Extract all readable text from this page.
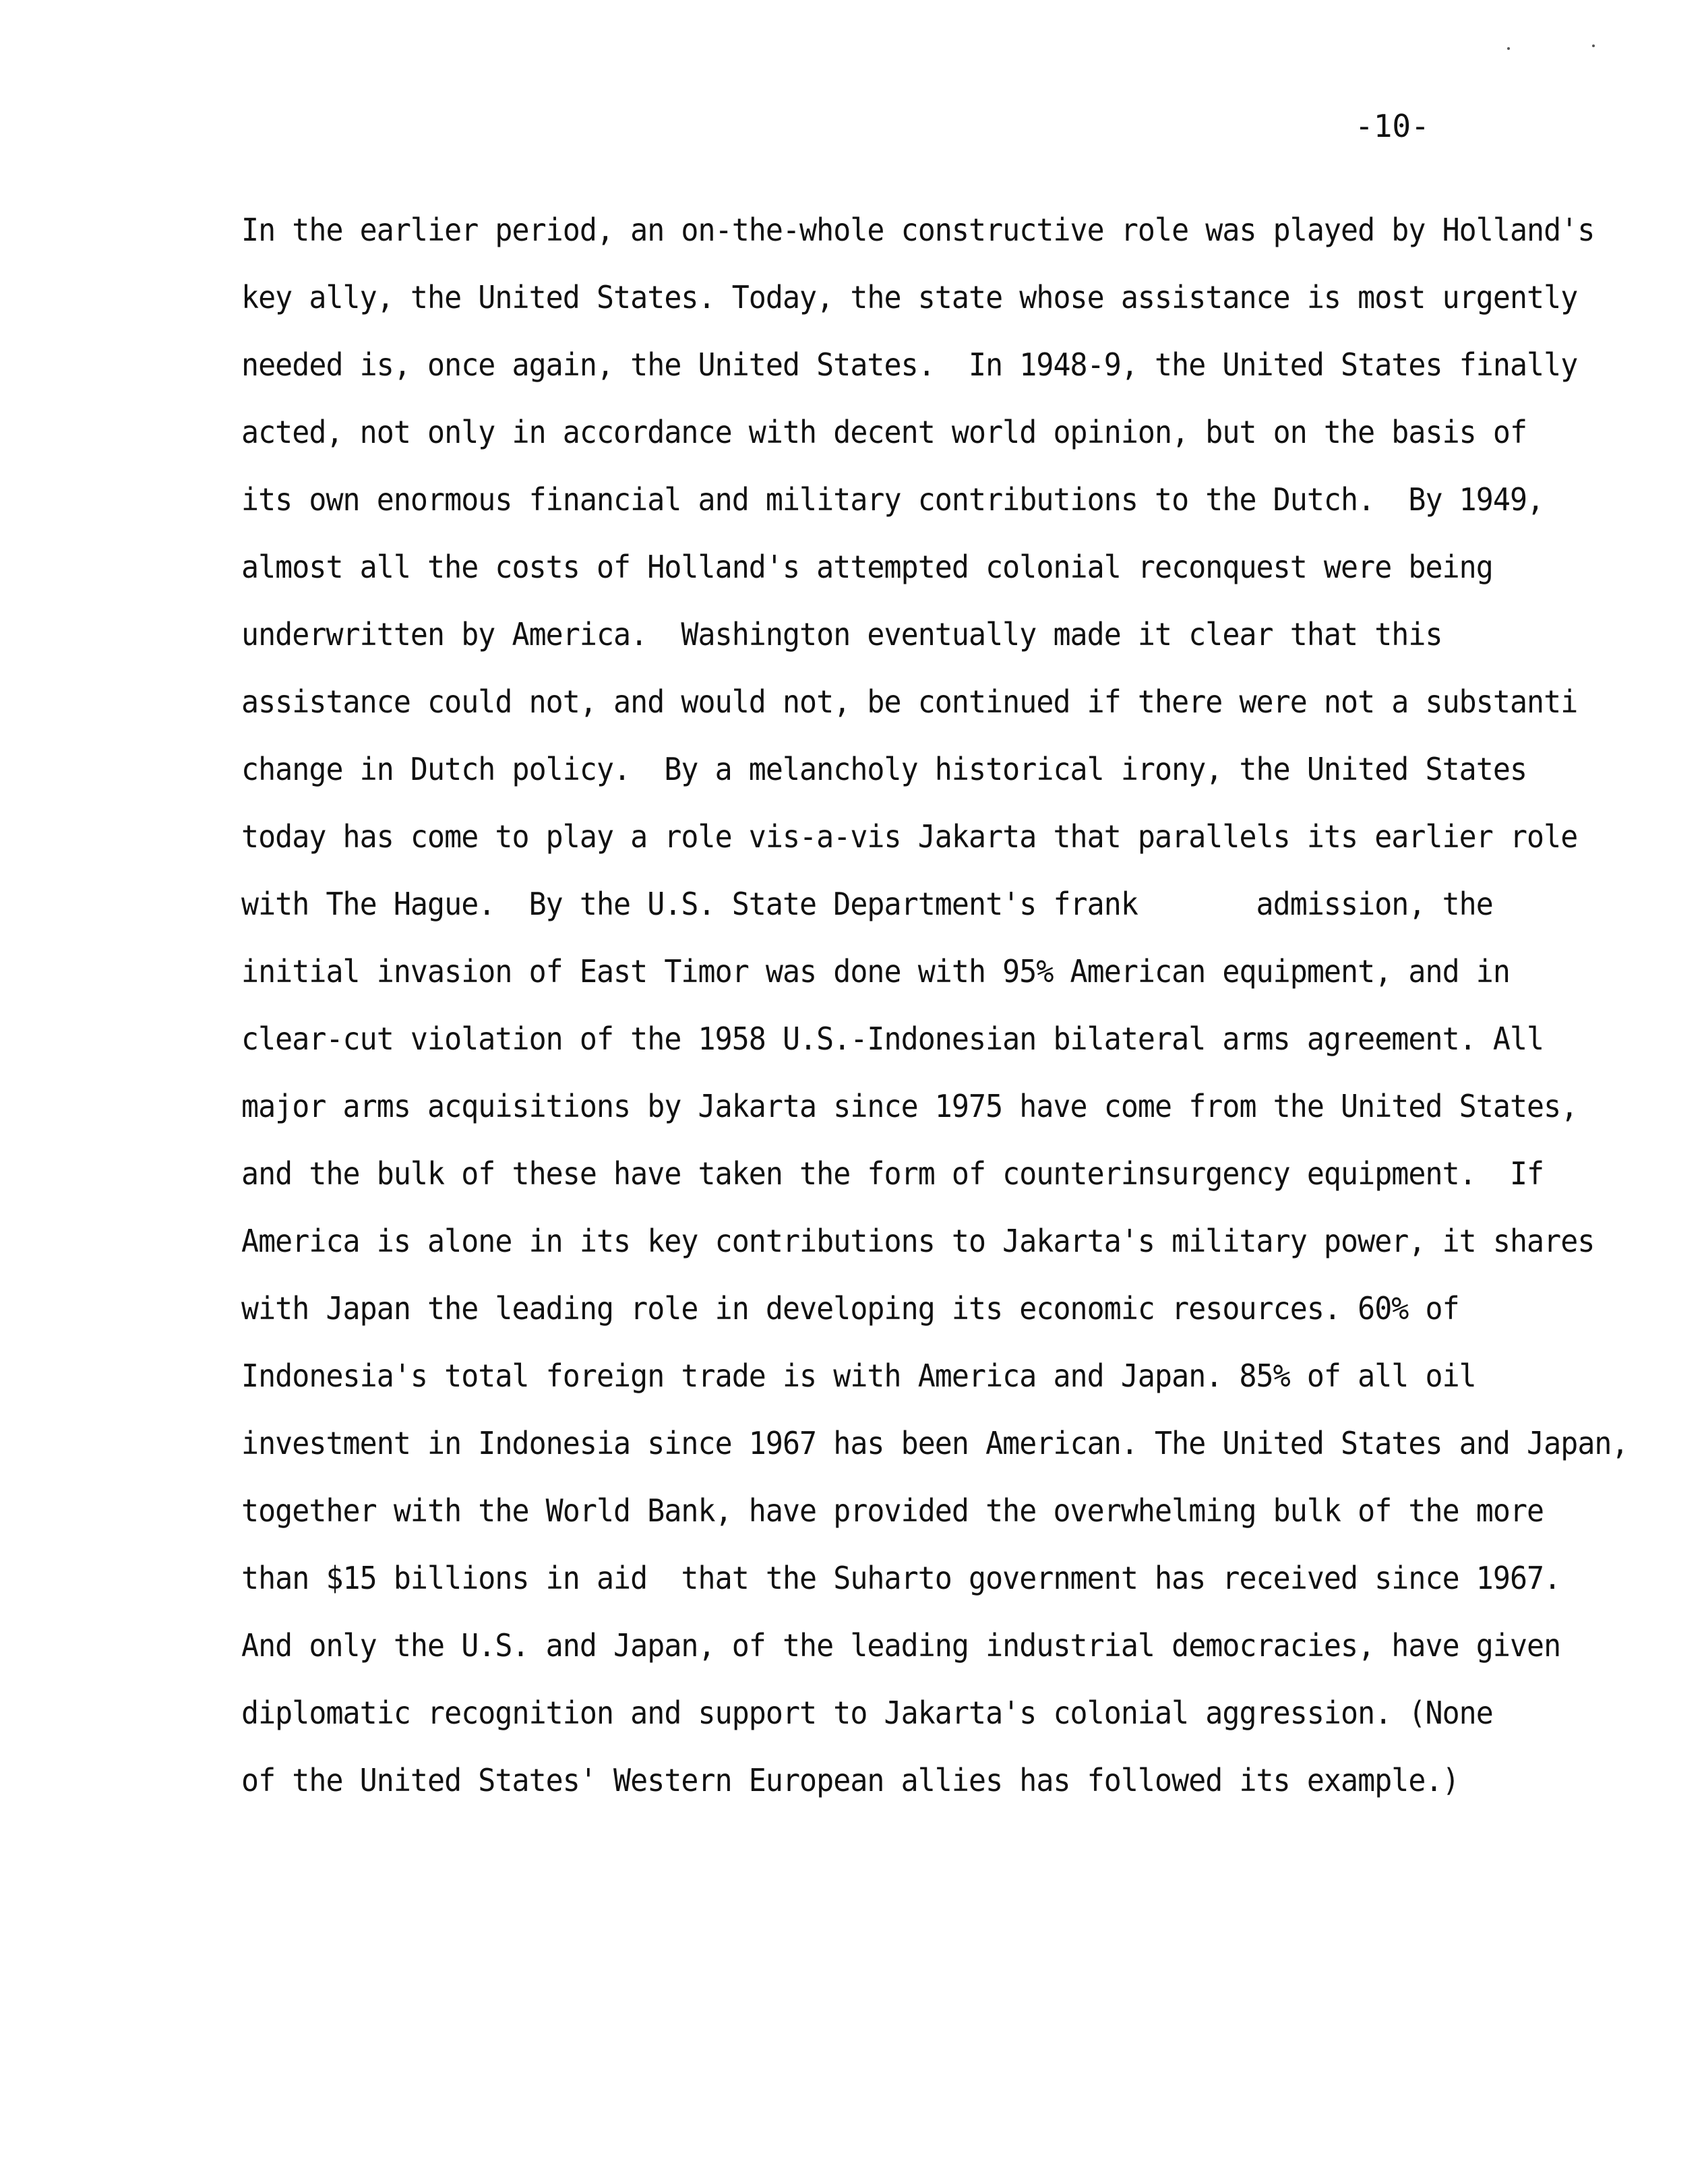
-10-
In the earlier period, an on-the-whole constructive role was played by Holland's
key ally, the United States. Today, the state whose assistance is most urgently
needed is, once again, the United States.  In 1948-9, the United States finally
acted, not only in accordance with decent world opinion, but on the basis of
its own enormous financial and military contributions to the Dutch.  By 1949,
almost all the costs of Holland's attempted colonial reconquest were being
underwritten by America.  Washington eventually made it clear that this
assistance could not, and would not, be continued if there were not a substanti
change in Dutch policy.  By a melancholy historical irony, the United States
today has come to play a role vis-a-vis Jakarta that parallels its earlier role
with The Hague.  By the U.S. State Department's frank       admission, the
initial invasion of East Timor was done with 95% American equipment, and in
clear-cut violation of the 1958 U.S.-Indonesian bilateral arms agreement. All
major arms acquisitions by Jakarta since 1975 have come from the United States,
and the bulk of these have taken the form of counterinsurgency equipment.  If
America is alone in its key contributions to Jakarta's military power, it shares
with Japan the leading role in developing its economic resources. 60% of
Indonesia's total foreign trade is with America and Japan. 85% of all oil
investment in Indonesia since 1967 has been American. The United States and Japan,
together with the World Bank, have provided the overwhelming bulk of the more
than $15 billions in aid  that the Suharto government has received since 1967.
And only the U.S. and Japan, of the leading industrial democracies, have given
diplomatic recognition and support to Jakarta's colonial aggression. (None
of the United States' Western European allies has followed its example.)
